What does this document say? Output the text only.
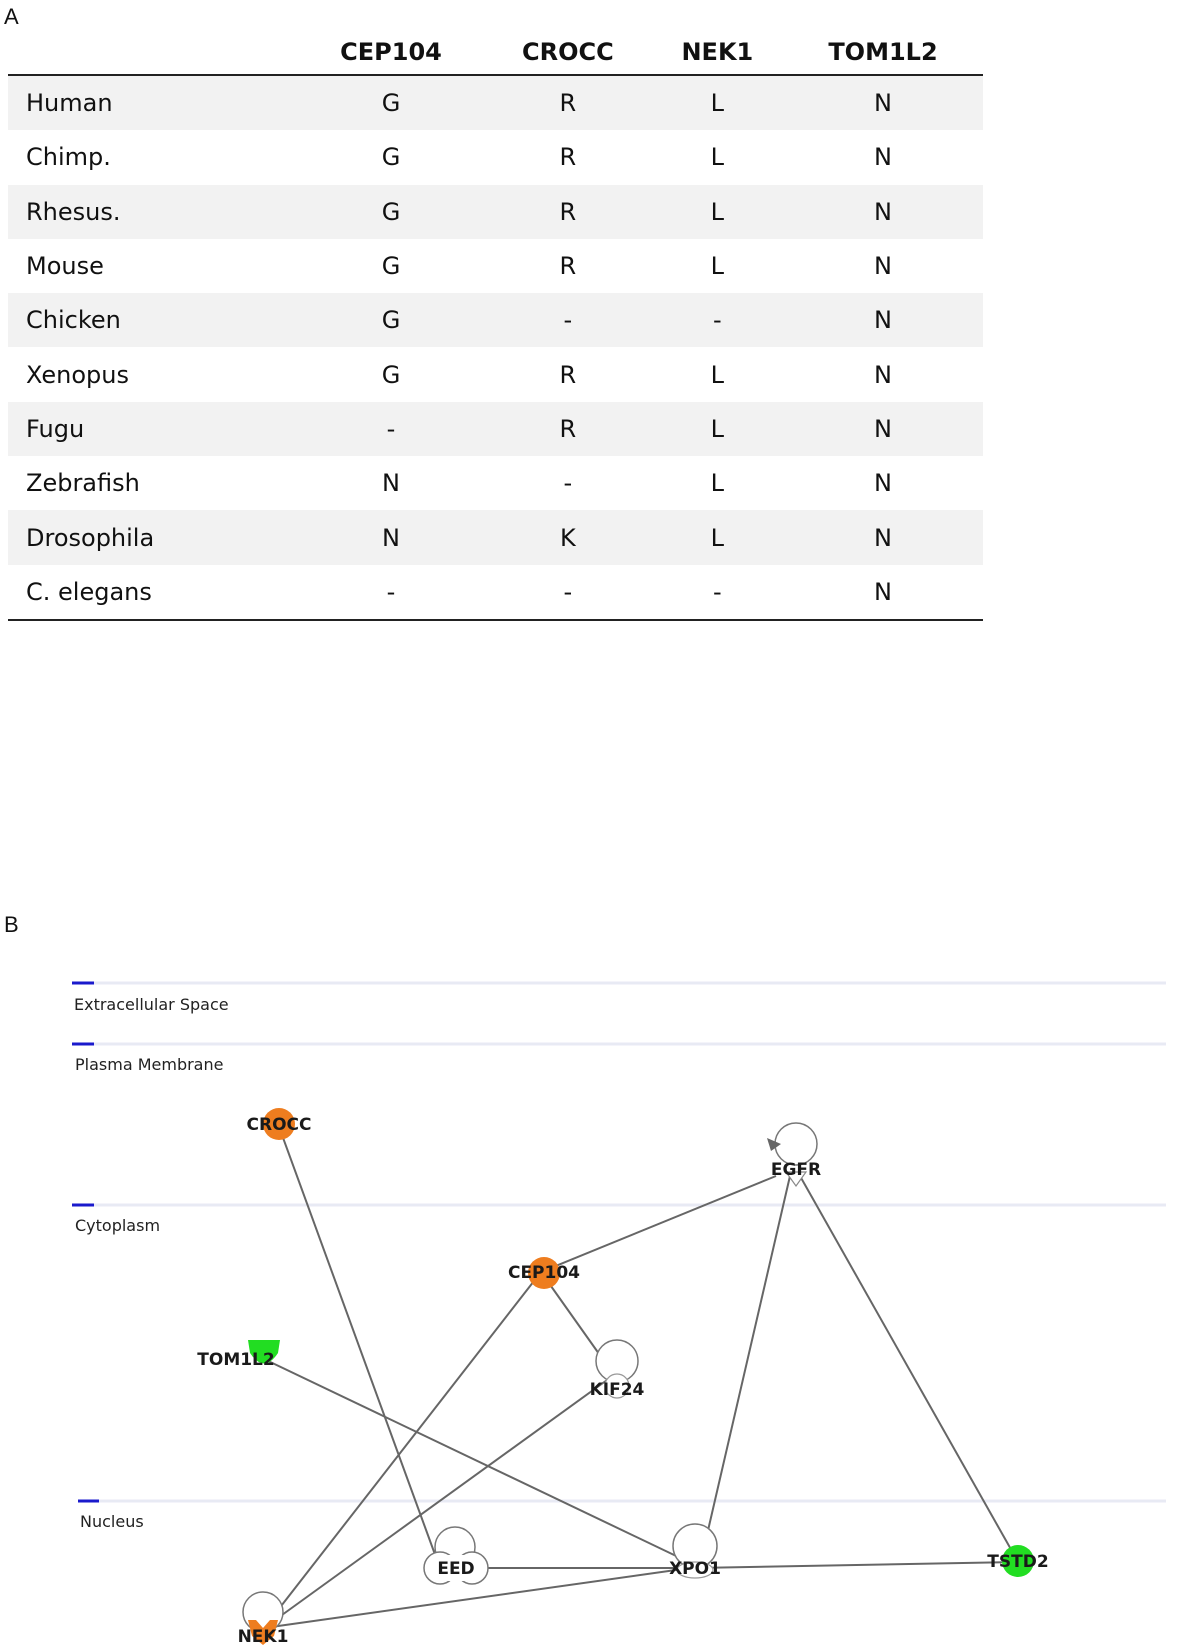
A
	CEP104	CROCC	NEK1	TOM1L2
Human	G	R	L	N
Chimp.	G	R	L	N
Rhesus.	G	R	L	N
Mouse	G	R	L	N
Chicken	G	-	-	N
Xenopus	G	R	L	N
Fugu	-	R	L	N
Zebrafish	N	-	L	N
Drosophila	N	K	L	N
C. elegans	-	-	-	N
B
Extracellular Space
Plasma Membrane
Cytoplasm
Nucleus
CROCC
EGFR
CEP104
TOM1L2
KIF24
EED	XPO1	TSTD2
NEK1
